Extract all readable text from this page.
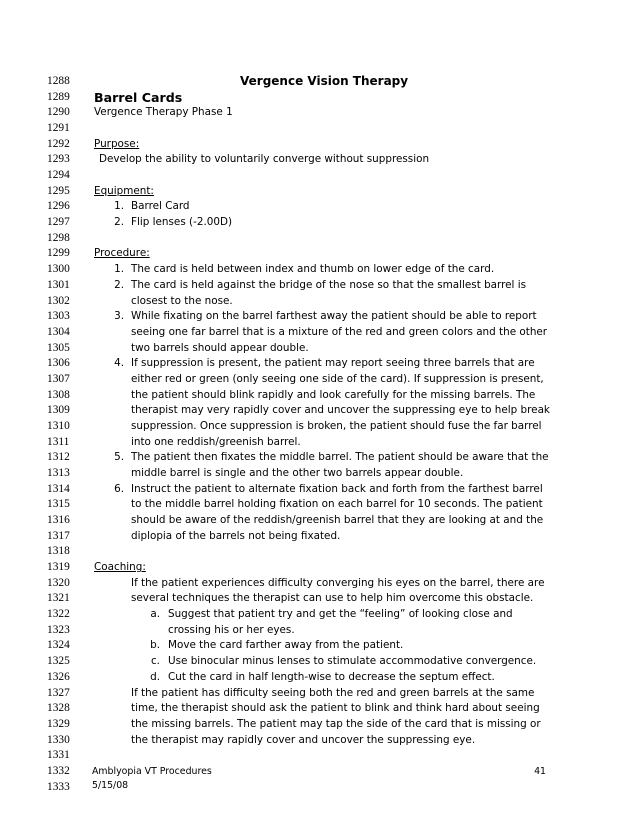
1288
1289
1290
1291
1292
1293
1294
1295
1296
1297
1298
1299
1300
1301
1302
1303
1304
1305
1306
1307
1308
1309
1310
1311
1312
1313
1314
1315
1316
1317
1318
1319
1320
1321
1322
1323
1324
1325
1326
1327
1328
1329
1330
1331
1332
1333
Vergence Vision Therapy
Barrel Cards
Vergence Therapy Phase 1
Purpose:
Develop the ability to voluntarily converge without suppression
Equipment:
1. Barrel Card
2. Flip lenses (-2.00D)
Procedure:
1. The card is held between index and thumb on lower edge of the card.
2. The card is held against the bridge of the nose so that the smallest barrel is
closest to the nose.
3. While fixating on the barrel farthest away the patient should be able to report
seeing one far barrel that is a mixture of the red and green colors and the other
two barrels should appear double.
4. If suppression is present, the patient may report seeing three barrels that are
either red or green (only seeing one side of the card). If suppression is present,
the patient should blink rapidly and look carefully for the missing barrels. The
therapist may very rapidly cover and uncover the suppressing eye to help break
suppression. Once suppression is broken, the patient should fuse the far barrel
into one reddish/greenish barrel.
5. The patient then fixates the middle barrel. The patient should be aware that the
middle barrel is single and the other two barrels appear double.
6. Instruct the patient to alternate fixation back and forth from the farthest barrel
to the middle barrel holding fixation on each barrel for 10 seconds. The patient
should be aware of the reddish/greenish barrel that they are looking at and the
diplopia of the barrels not being fixated.
Coaching:
If the patient experiences difficulty converging his eyes on the barrel, there are
several techniques the therapist can use to help him overcome this obstacle.
a. Suggest that patient try and get the “feeling” of looking close and
crossing his or her eyes.
b. Move the card farther away from the patient.
c. Use binocular minus lenses to stimulate accommodative convergence.
d. Cut the card in half length-wise to decrease the septum effect.
If the patient has difficulty seeing both the red and green barrels at the same
time, the therapist should ask the patient to blink and think hard about seeing
the missing barrels. The patient may tap the side of the card that is missing or
the therapist may rapidly cover and uncover the suppressing eye.
Amblyopia VT Procedures
5/15/08
41
